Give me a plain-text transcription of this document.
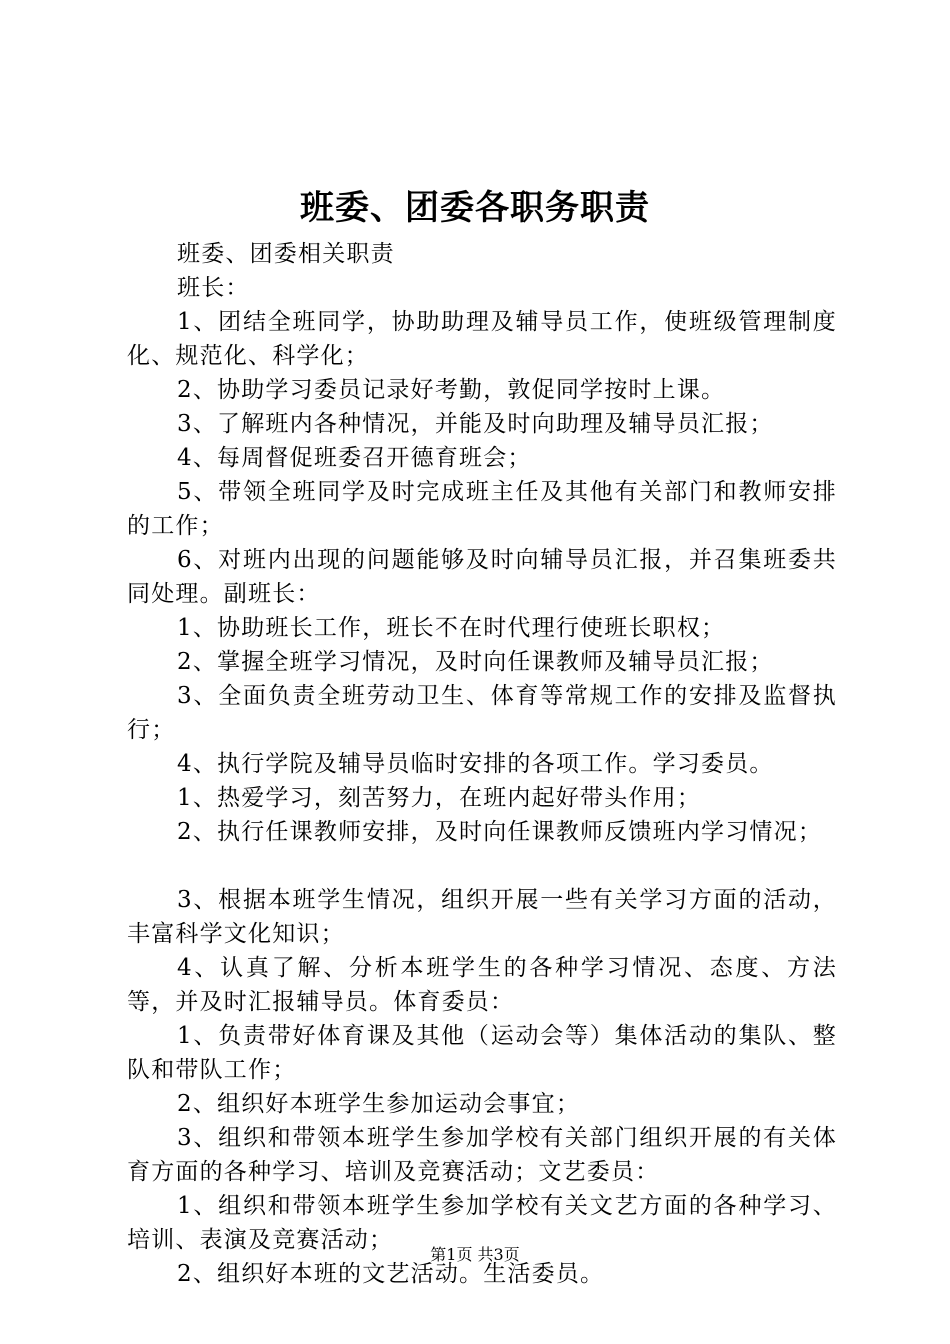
班委、团委各职务职责

班委、团委相关职责

班长：

1、团结全班同学，协助助理及辅导员工作，使班级管理制度化、规范化、科学化；

2、协助学习委员记录好考勤，敦促同学按时上课。

3、了解班内各种情况，并能及时向助理及辅导员汇报；

4、每周督促班委召开德育班会；

5、带领全班同学及时完成班主任及其他有关部门和教师安排的工作；

6、对班内出现的问题能够及时向辅导员汇报，并召集班委共同处理。副班长：

1、协助班长工作，班长不在时代理行使班长职权；

2、掌握全班学习情况，及时向任课教师及辅导员汇报；

3、全面负责全班劳动卫生、体育等常规工作的安排及监督执行；

4、执行学院及辅导员临时安排的各项工作。学习委员。

1、热爱学习，刻苦努力，在班内起好带头作用；

2、执行任课教师安排，及时向任课教师反馈班内学习情况；

3、根据本班学生情况，组织开展一些有关学习方面的活动，丰富科学文化知识；

4、认真了解、分析本班学生的各种学习情况、态度、方法等，并及时汇报辅导员。体育委员：

1、负责带好体育课及其他（运动会等）集体活动的集队、整队和带队工作；

2、组织好本班学生参加运动会事宜；

3、组织和带领本班学生参加学校有关部门组织开展的有关体育方面的各种学习、培训及竞赛活动；文艺委员：

1、组织和带领本班学生参加学校有关文艺方面的各种学习、培训、表演及竞赛活动；

2、组织好本班的文艺活动。生活委员。

第1页 共3页
